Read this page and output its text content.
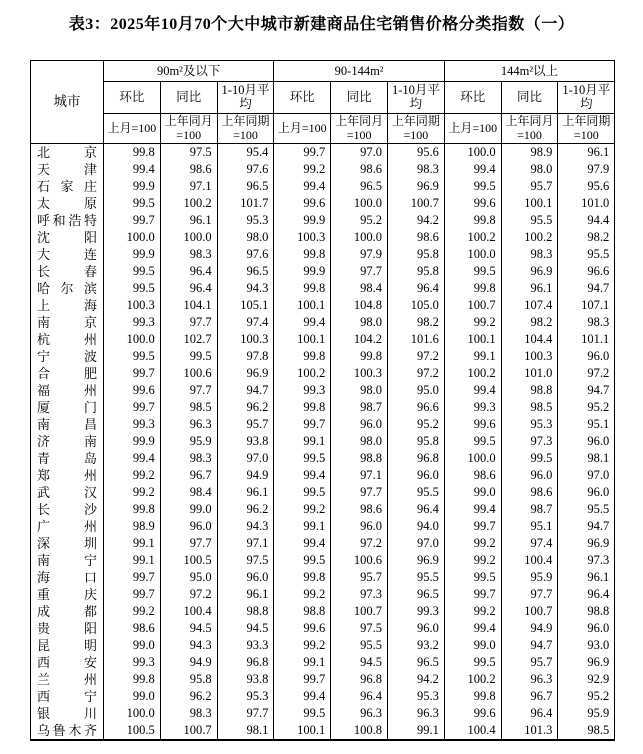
表3：2025年10月70个大中城市新建商品住宅销售价格分类指数（一）
城市	90m²及以下			90-144m²			144m²以上		
	环比	同比	1-10月平均	环比	同比	1-10月平均	环比	同比	1-10月平均
	上月=100	上年同月=100	上年同期=100	上月=100	上年同月=100	上年同期=100	上月=100	上年同月=100	上年同期=100
北京	99.8	97.5	95.4	99.7	97.0	95.6	100.0	98.9	96.1
天津	99.4	98.6	97.6	99.2	98.6	98.3	99.4	98.0	97.9
石家庄	99.9	97.1	96.5	99.4	96.5	96.9	99.5	95.7	95.6
太原	99.5	100.2	101.7	99.6	100.0	100.7	99.6	100.1	101.0
呼和浩特	99.7	96.1	95.3	99.9	95.2	94.2	99.8	95.5	94.4
沈阳	100.0	100.0	98.0	100.3	100.0	98.6	100.2	100.2	98.2
大连	99.9	98.3	97.6	99.8	97.9	95.8	100.0	98.3	95.5
长春	99.5	96.4	96.5	99.9	97.7	95.8	99.5	96.9	96.6
哈尔滨	99.5	96.4	94.3	99.8	98.4	96.4	99.8	96.1	94.7
上海	100.3	104.1	105.1	100.1	104.8	105.0	100.7	107.4	107.1
南京	99.3	97.7	97.4	99.4	98.0	98.2	99.2	98.2	98.3
杭州	100.0	102.7	100.3	100.1	104.2	101.6	100.1	104.4	101.1
宁波	99.5	99.5	97.8	99.8	99.8	97.2	99.1	100.3	96.0
合肥	99.7	100.6	96.9	100.2	100.3	97.2	100.2	101.0	97.2
福州	99.6	97.7	94.7	99.3	98.0	95.0	99.4	98.8	94.7
厦门	99.7	98.5	96.2	99.8	98.7	96.6	99.3	98.5	95.2
南昌	99.3	96.3	95.7	99.7	96.0	95.2	99.6	95.3	95.1
济南	99.9	95.9	93.8	99.1	98.0	95.8	99.5	97.3	96.0
青岛	99.4	98.3	97.0	99.5	98.8	96.8	100.0	99.5	98.1
郑州	99.2	96.7	94.9	99.4	97.1	96.0	98.6	96.0	97.0
武汉	99.2	98.4	96.1	99.5	97.7	95.5	99.0	98.6	96.0
长沙	99.8	99.0	96.2	99.2	98.6	96.4	99.4	98.7	95.5
广州	98.9	96.0	94.3	99.1	96.0	94.0	99.7	95.1	94.7
深圳	99.1	97.7	97.1	99.4	97.2	97.0	99.2	97.4	96.9
南宁	99.1	100.5	97.5	99.5	100.6	96.9	99.2	100.4	97.3
海口	99.7	95.0	96.0	99.8	95.7	95.5	99.5	95.9	96.1
重庆	99.7	97.2	96.1	99.2	97.3	96.5	99.7	97.7	96.4
成都	99.2	100.4	98.8	98.8	100.7	99.3	99.2	100.7	98.8
贵阳	98.6	94.5	94.5	99.6	97.5	96.0	99.4	94.9	96.0
昆明	99.0	94.3	93.3	99.2	95.5	93.2	99.0	94.7	93.0
西安	99.3	94.9	96.8	99.1	94.5	96.5	99.5	95.7	96.9
兰州	99.8	95.8	93.8	99.7	96.8	94.2	100.2	96.3	92.9
西宁	99.0	96.2	95.3	99.4	96.4	95.3	99.8	96.7	95.2
银川	100.0	98.3	97.7	99.5	96.3	96.3	99.6	96.4	95.9
乌鲁木齐	100.5	100.7	98.1	100.1	100.8	99.1	100.4	101.3	98.5
